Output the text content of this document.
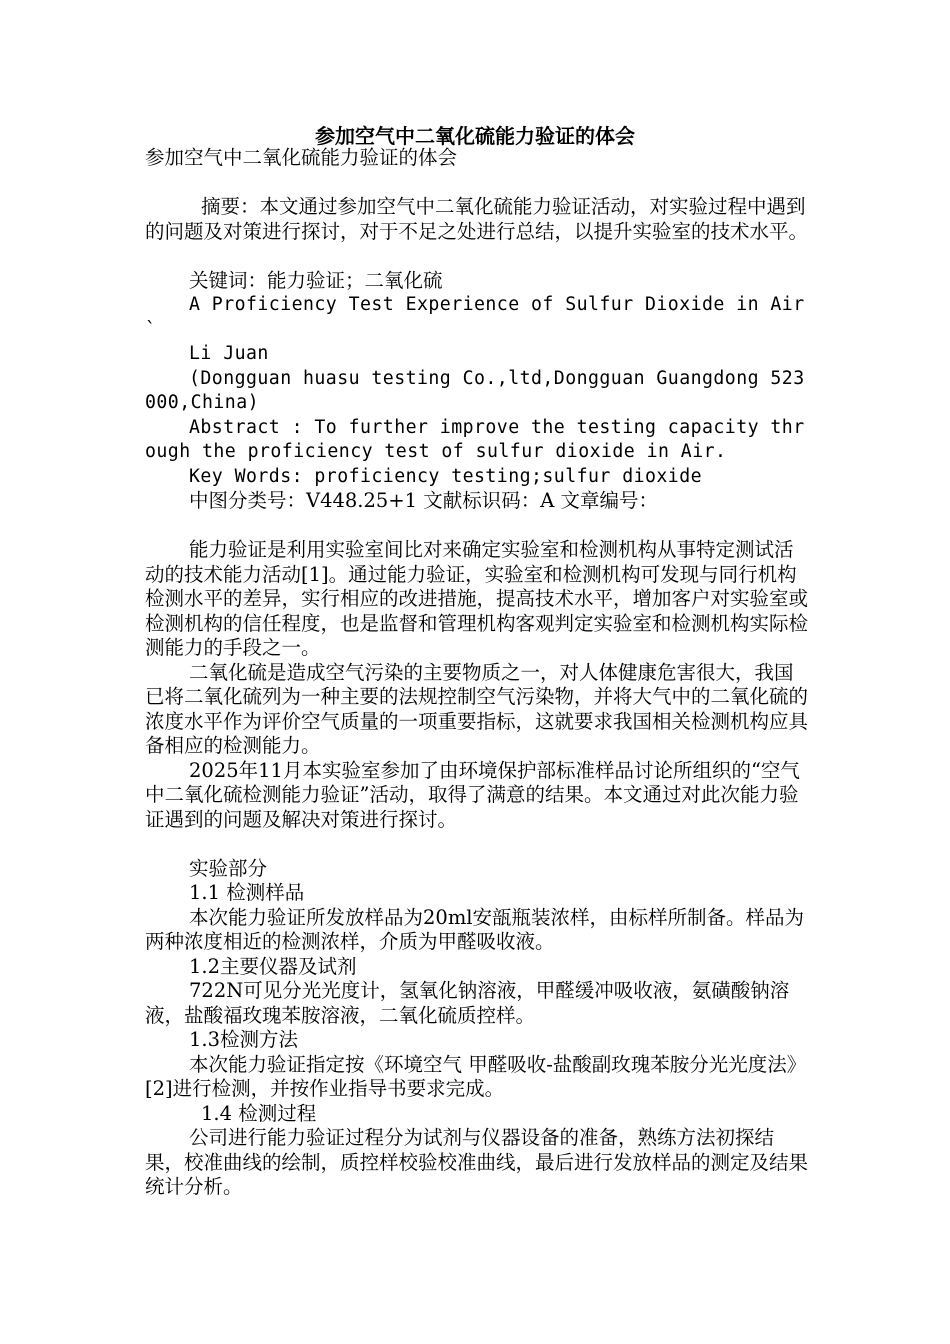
参加空气中二氧化硫能力验证的体会

参加空气中二氧化硫能力验证的体会

摘要：本文通过参加空气中二氧化硫能力验证活动，对实验过程中遇到的问题及对策进行探讨，对于不足之处进行总结，以提升实验室的技术水平。

关键词：能力验证；二氧化硫

A Proficiency Test Experience of Sulfur Dioxide in Air`

Li Juan

(Dongguan huasu testing Co.,ltd,Dongguan Guangdong 523000,China)

Abstract : To further improve the testing capacity through the proficiency test of sulfur dioxide in Air.

Key Words: proficiency testing;sulfur dioxide

中图分类号：V448.25+1 文献标识码：A 文章编号：

能力验证是利用实验室间比对来确定实验室和检测机构从事特定测试活动的技术能力活动[1]。通过能力验证，实验室和检测机构可发现与同行机构检测水平的差异，实行相应的改进措施，提高技术水平，增加客户对实验室或检测机构的信任程度，也是监督和管理机构客观判定实验室和检测机构实际检测能力的手段之一。

二氧化硫是造成空气污染的主要物质之一，对人体健康危害很大，我国已将二氧化硫列为一种主要的法规控制空气污染物，并将大气中的二氧化硫的浓度水平作为评价空气质量的一项重要指标，这就要求我国相关检测机构应具备相应的检测能力。

2025年11月本实验室参加了由环境保护部标准样品讨论所组织的“空气中二氧化硫检测能力验证”活动，取得了满意的结果。本文通过对此次能力验证遇到的问题及解决对策进行探讨。

实验部分

1.1 检测样品

本次能力验证所发放样品为20ml安瓿瓶装浓样，由标样所制备。样品为两种浓度相近的检测浓样，介质为甲醛吸收液。

1.2主要仪器及试剂

722N可见分光光度计，氢氧化钠溶液，甲醛缓冲吸收液，氨磺酸钠溶液，盐酸福玫瑰苯胺溶液，二氧化硫质控样。

1.3检测方法

本次能力验证指定按《环境空气 甲醛吸收-盐酸副玫瑰苯胺分光光度法》[2]进行检测，并按作业指导书要求完成。

1.4 检测过程

公司进行能力验证过程分为试剂与仪器设备的准备，熟练方法初探结果，校准曲线的绘制，质控样校验校准曲线，最后进行发放样品的测定及结果统计分析。
